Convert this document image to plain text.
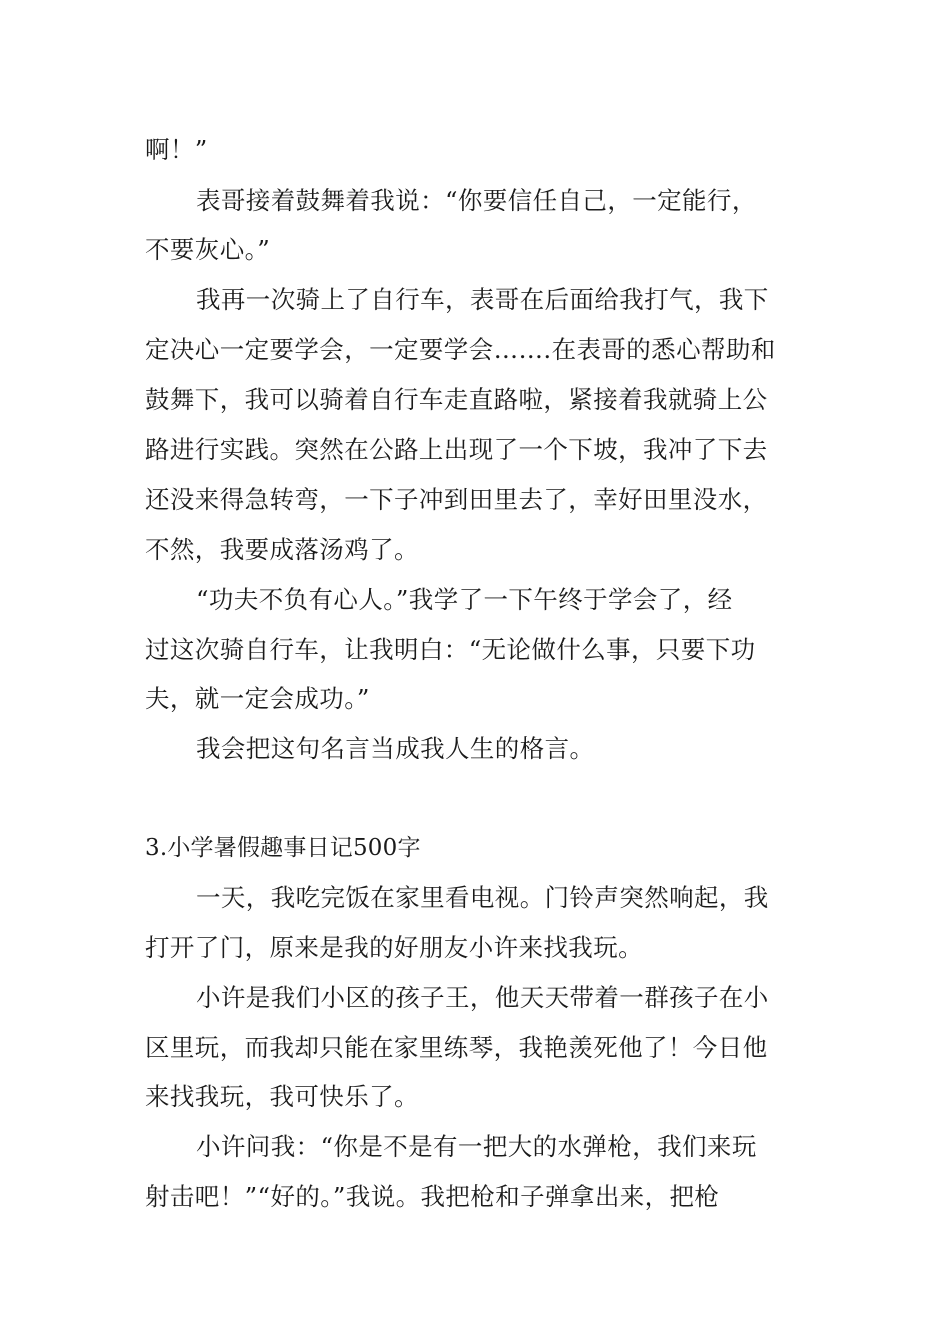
啊！”
表哥接着鼓舞着我说：“你要信任自己，一定能行，
不要灰心。”
我再一次骑上了自行车，表哥在后面给我打气，我下
定决心一定要学会，一定要学会…….在表哥的悉心帮助和
鼓舞下，我可以骑着自行车走直路啦，紧接着我就骑上公
路进行实践。突然在公路上出现了一个下坡，我冲了下去
还没来得急转弯，一下子冲到田里去了，幸好田里没水，
不然，我要成落汤鸡了。
“功夫不负有心人。”我学了一下午终于学会了，经
过这次骑自行车，让我明白：“无论做什么事，只要下功
夫，就一定会成功。”
我会把这句名言当成我人生的格言。
3.小学暑假趣事日记500字
一天，我吃完饭在家里看电视。门铃声突然响起，我
打开了门，原来是我的好朋友小许来找我玩。
小许是我们小区的孩子王，他天天带着一群孩子在小
区里玩，而我却只能在家里练琴，我艳羡死他了！今日他
来找我玩，我可快乐了。
小许问我：“你是不是有一把大的水弹枪，我们来玩
射击吧！”“好的。”我说。我把枪和子弹拿出来，把枪
